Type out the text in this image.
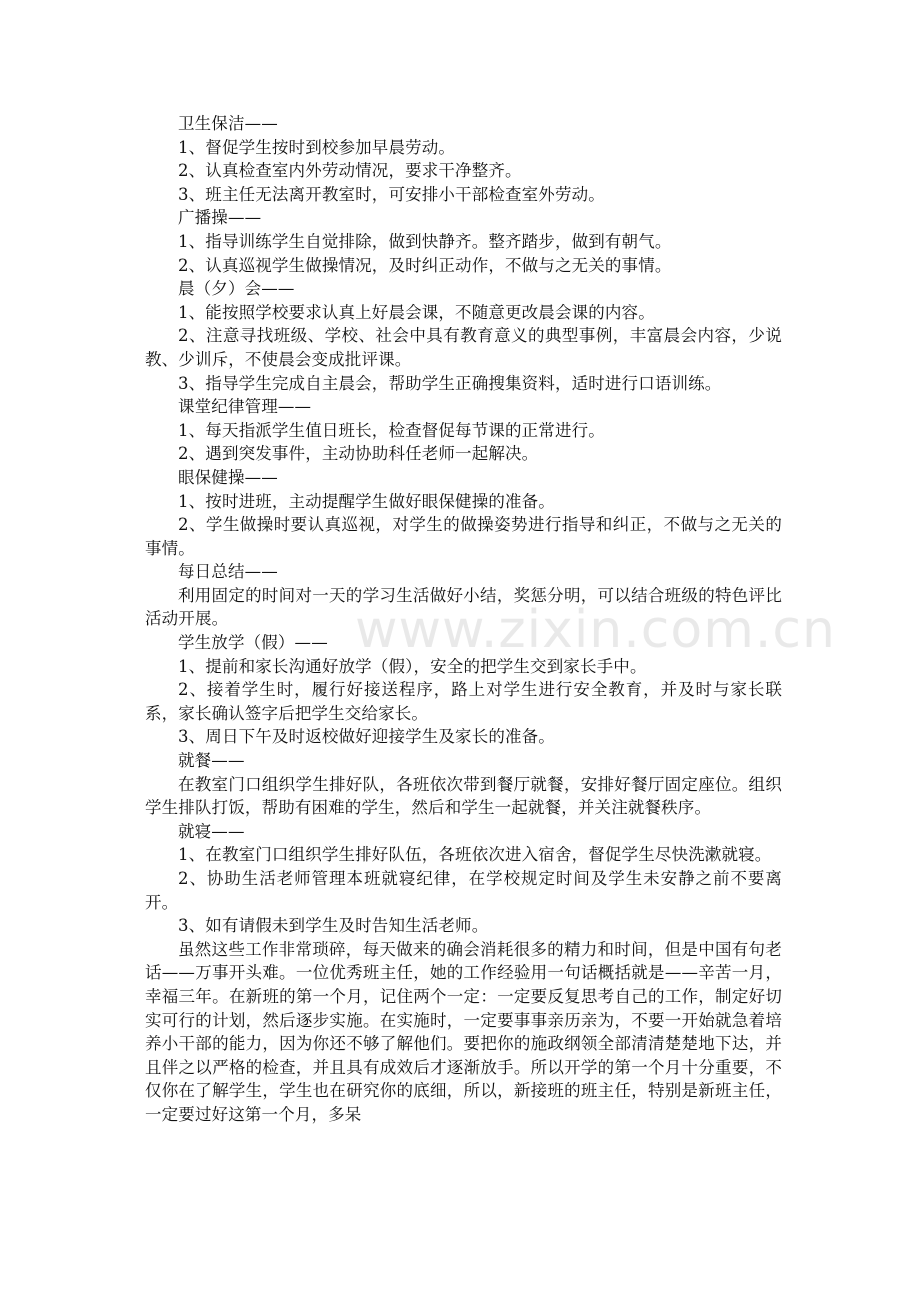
www.zixin.com.cn

卫生保洁——

1、督促学生按时到校参加早晨劳动。

2、认真检查室内外劳动情况，要求干净整齐。

3、班主任无法离开教室时，可安排小干部检查室外劳动。

广播操——

1、指导训练学生自觉排除，做到快静齐。整齐踏步，做到有朝气。

2、认真巡视学生做操情况，及时纠正动作，不做与之无关的事情。

晨（夕）会——

1、能按照学校要求认真上好晨会课，不随意更改晨会课的内容。

2、注意寻找班级、学校、社会中具有教育意义的典型事例，丰富晨会内容，少说教、少训斥，不使晨会变成批评课。

3、指导学生完成自主晨会，帮助学生正确搜集资料，适时进行口语训练。

课堂纪律管理——

1、每天指派学生值日班长，检查督促每节课的正常进行。

2、遇到突发事件，主动协助科任老师一起解决。

眼保健操——

1、按时进班，主动提醒学生做好眼保健操的准备。

2、学生做操时要认真巡视，对学生的做操姿势进行指导和纠正，不做与之无关的事情。

每日总结——

利用固定的时间对一天的学习生活做好小结，奖惩分明，可以结合班级的特色评比活动开展。

学生放学（假）——

1、提前和家长沟通好放学（假），安全的把学生交到家长手中。

2、接着学生时，履行好接送程序，路上对学生进行安全教育，并及时与家长联系，家长确认签字后把学生交给家长。

3、周日下午及时返校做好迎接学生及家长的准备。

就餐——

在教室门口组织学生排好队，各班依次带到餐厅就餐，安排好餐厅固定座位。组织学生排队打饭，帮助有困难的学生，然后和学生一起就餐，并关注就餐秩序。

就寝——

1、在教室门口组织学生排好队伍，各班依次进入宿舍，督促学生尽快洗漱就寝。

2、协助生活老师管理本班就寝纪律，在学校规定时间及学生未安静之前不要离开。

3、如有请假未到学生及时告知生活老师。

虽然这些工作非常琐碎，每天做来的确会消耗很多的精力和时间，但是中国有句老话——万事开头难。一位优秀班主任，她的工作经验用一句话概括就是——辛苦一月，幸福三年。在新班的第一个月，记住两个一定：一定要反复思考自己的工作，制定好切实可行的计划，然后逐步实施。在实施时，一定要事事亲历亲为，不要一开始就急着培养小干部的能力，因为你还不够了解他们。要把你的施政纲领全部清清楚楚地下达，并且伴之以严格的检查，并且具有成效后才逐渐放手。所以开学的第一个月十分重要，不仅你在了解学生，学生也在研究你的底细，所以，新接班的班主任，特别是新班主任，一定要过好这第一个月，多呆
